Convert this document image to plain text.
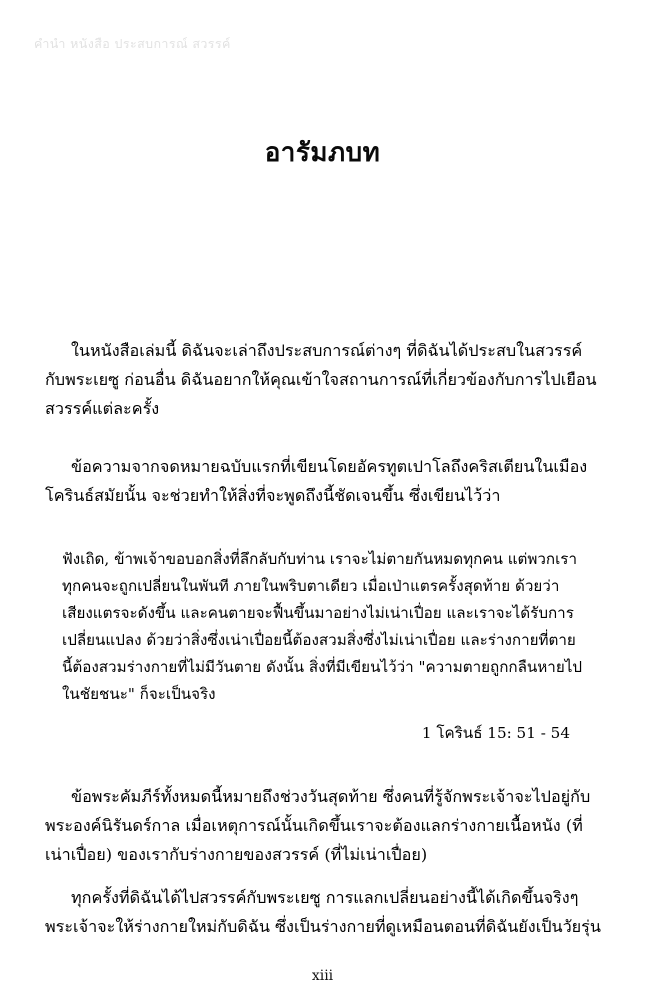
คำนำ หนังสือ ประสบการณ์ สวรรค์
อารัมภบท

ในหนังสือเล่มนี้ ดิฉันจะเล่าถึงประสบการณ์ต่างๆ ที่ดิฉันได้ประสบในสวรรค์กับพระเยซู ก่อนอื่น ดิฉันอยากให้คุณเข้าใจสถานการณ์ที่เกี่ยวข้องกับการไปเยือนสวรรค์แต่ละครั้ง

ข้อความจากจดหมายฉบับแรกที่เขียนโดยอัครทูตเปาโลถึงคริสเตียนในเมืองโครินธ์สมัยนั้น จะช่วยทำให้สิ่งที่จะพูดถึงนี้ชัดเจนขึ้น ซึ่งเขียนไว้ว่า

ฟังเถิด, ข้าพเจ้าขอบอกสิ่งที่ลึกลับกับท่าน เราจะไม่ตายกันหมดทุกคน แต่พวกเราทุกคนจะถูกเปลี่ยนในพันที ภายในพริบตาเดียว เมื่อเป่าแตรครั้งสุดท้าย ด้วยว่าเสียงแตรจะดังขึ้น และคนตายจะฟื้นขึ้นมาอย่างไม่เน่าเปื่อย และเราจะได้รับการเปลี่ยนแปลง ด้วยว่าสิ่งซึ่งเน่าเปื่อยนี้ต้องสวมสิ่งซึ่งไม่เน่าเปื่อย และร่างกายที่ตายนี้ต้องสวมร่างกายที่ไม่มีวันตาย ดังนั้น สิ่งที่มีเขียนไว้ว่า "ความตายถูกกลืนหายไปในชัยชนะ" ก็จะเป็นจริง

1 โครินธ์ 15: 51 - 54

ข้อพระคัมภีร์ทั้งหมดนี้หมายถึงช่วงวันสุดท้าย ซึ่งคนที่รู้จักพระเจ้าจะไปอยู่กับพระองค์นิรันดร์กาล เมื่อเหตุการณ์นั้นเกิดขึ้นเราจะต้องแลกร่างกายเนื้อหนัง (ที่เน่าเปื่อย) ของเรากับร่างกายของสวรรค์ (ที่ไม่เน่าเปื่อย)

ทุกครั้งที่ดิฉันได้ไปสวรรค์กับพระเยซู การแลกเปลี่ยนอย่างนี้ได้เกิดขึ้นจริงๆ พระเจ้าจะให้ร่างกายใหม่กับดิฉัน ซึ่งเป็นร่างกายที่ดูเหมือนตอนที่ดิฉันยังเป็นวัยรุ่น

xiii
